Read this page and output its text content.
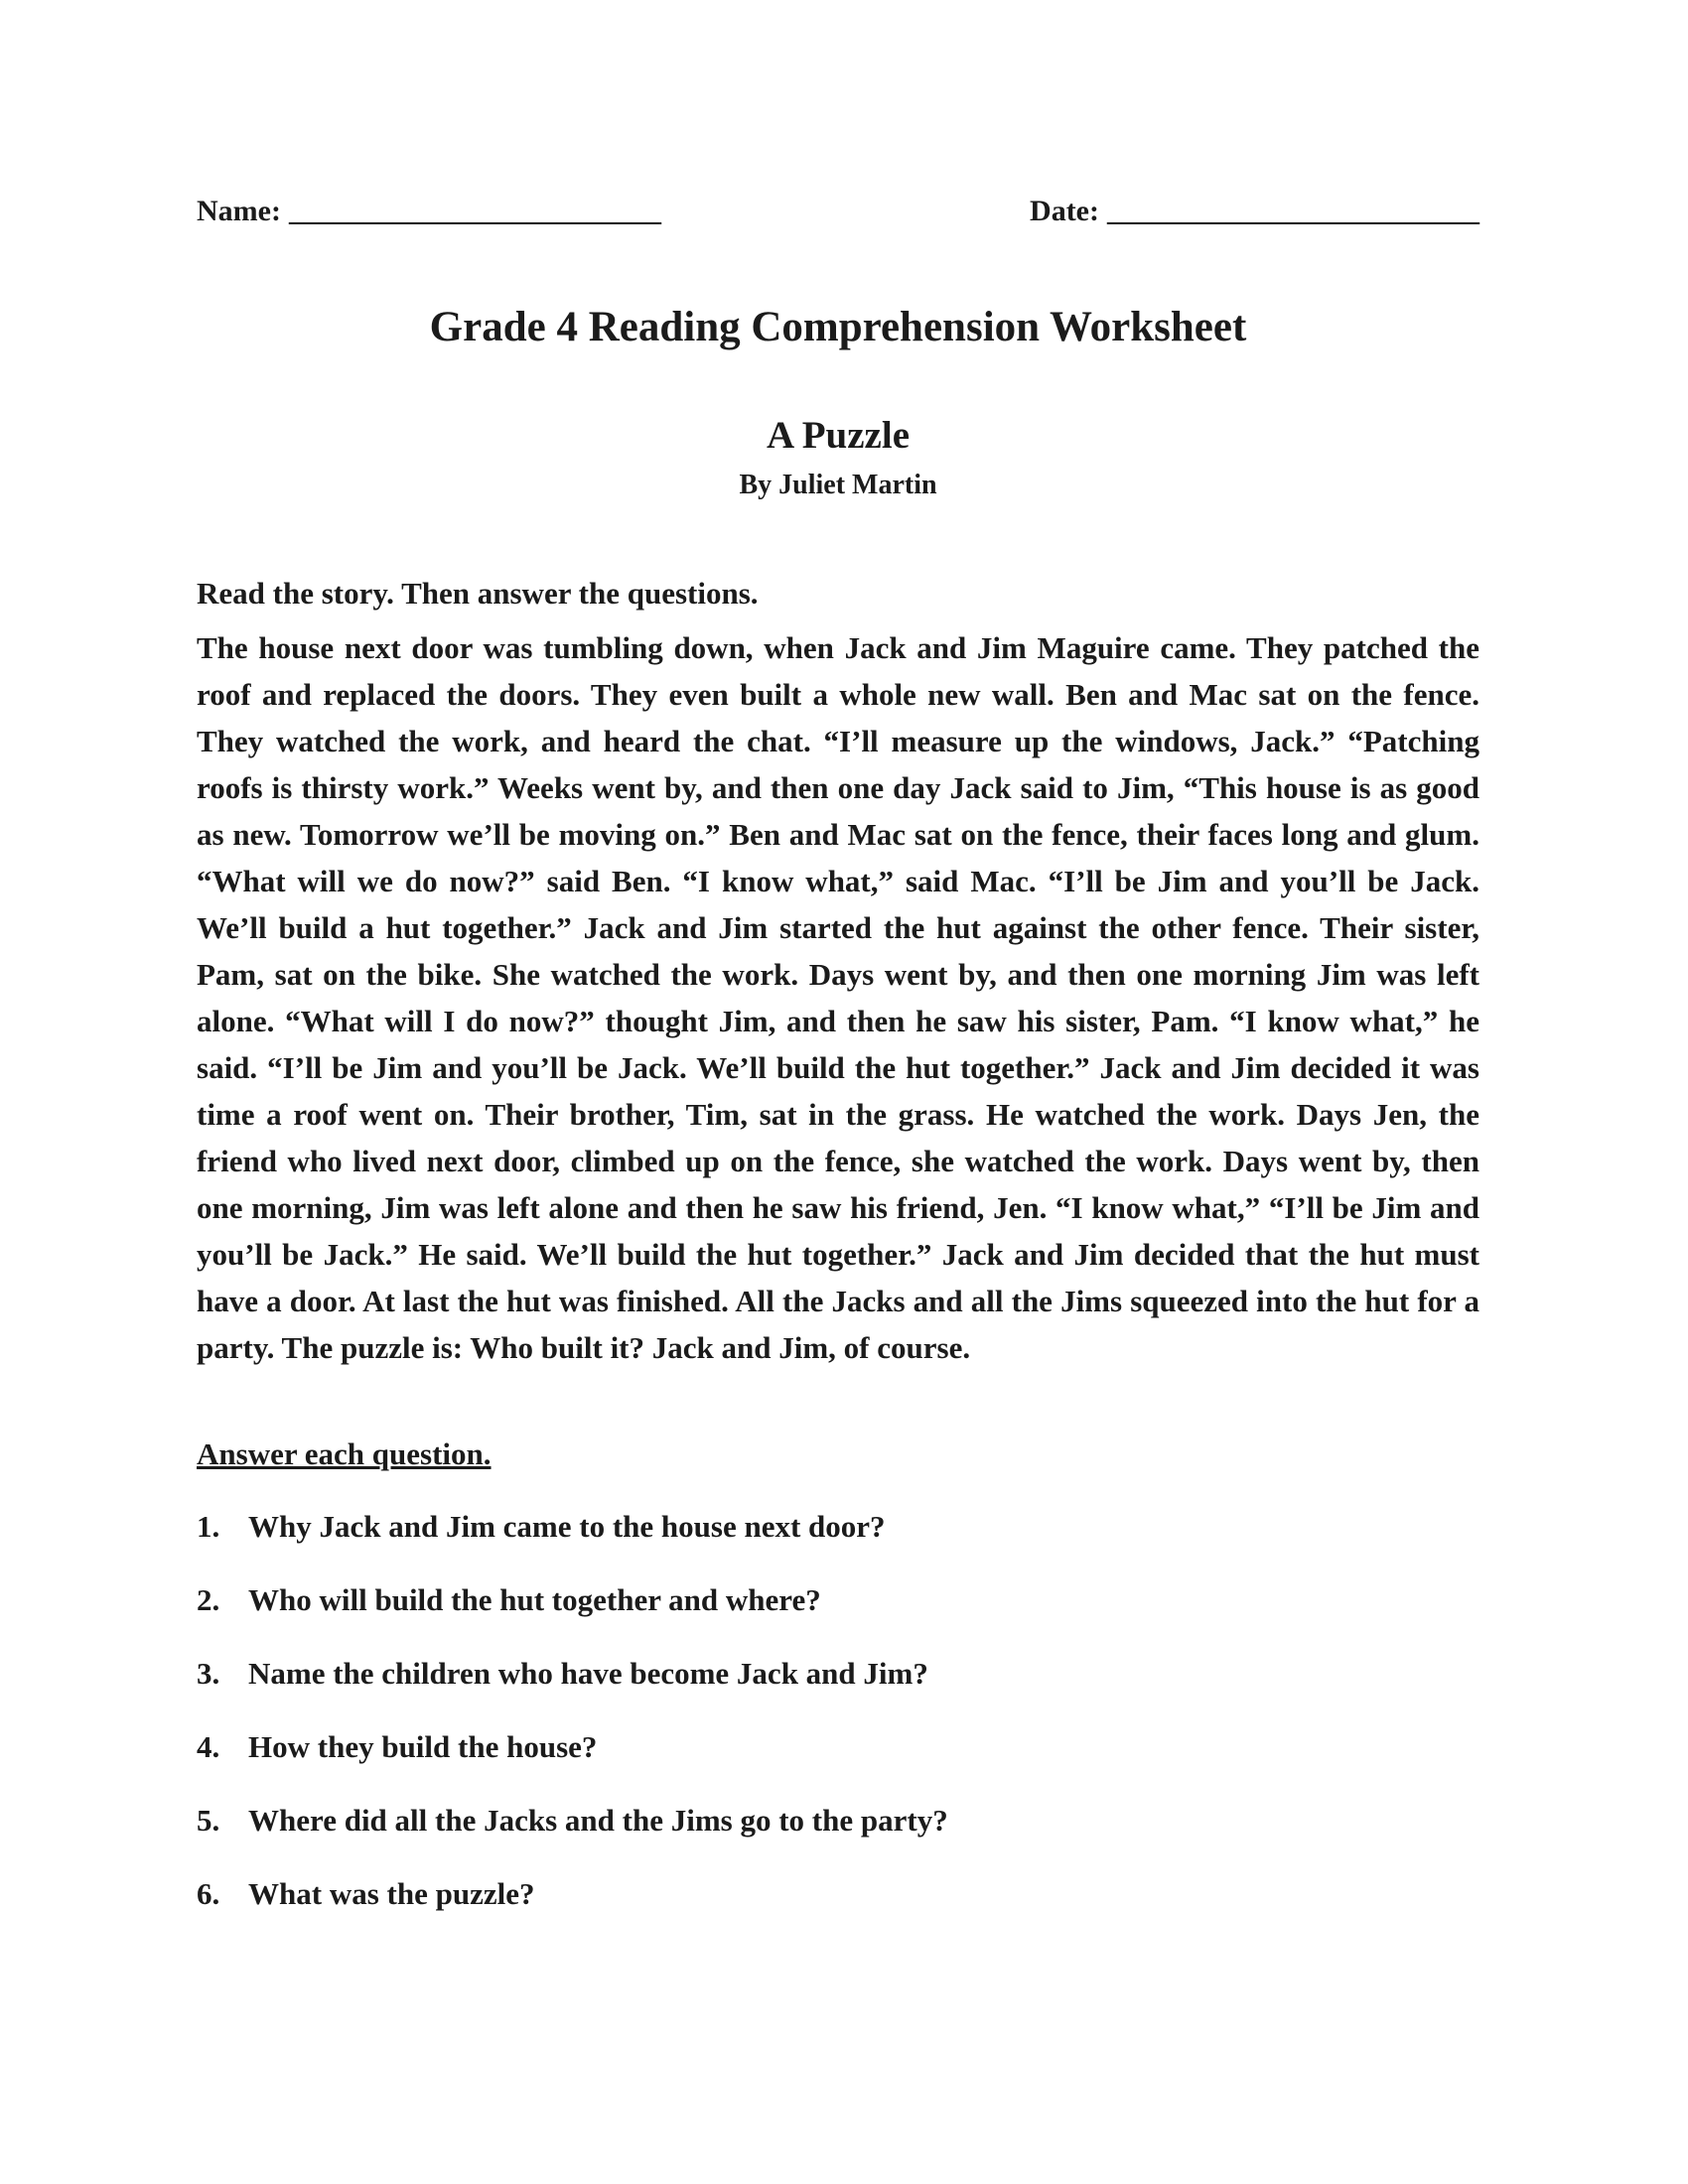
Name: _________________________	Date: _________________________
Grade 4 Reading Comprehension Worksheet
A Puzzle
By Juliet Martin

Read the story. Then answer the questions.

The house next door was tumbling down, when Jack and Jim Maguire came. They patched the roof and replaced the doors. They even built a whole new wall. Ben and Mac sat on the fence. They watched the work, and heard the chat. “I’ll measure up the windows, Jack.” “Patching roofs is thirsty work.” Weeks went by, and then one day Jack said to Jim, “This house is as good as new. Tomorrow we’ll be moving on.” Ben and Mac sat on the fence, their faces long and glum. “What will we do now?” said Ben. “I know what,” said Mac. “I’ll be Jim and you’ll be Jack. We’ll build a hut together.” Jack and Jim started the hut against the other fence. Their sister, Pam, sat on the bike. She watched the work. Days went by, and then one morning Jim was left alone. “What will I do now?” thought Jim, and then he saw his sister, Pam. “I know what,” he said. “I’ll be Jim and you’ll be Jack. We’ll build the hut together.” Jack and Jim decided it was time a roof went on. Their brother, Tim, sat in the grass. He watched the work. Days Jen, the friend who lived next door, climbed up on the fence, she watched the work. Days went by, then one morning, Jim was left alone and then he saw his friend, Jen. “I know what,” “I’ll be Jim and you’ll be Jack.” He said. We’ll build the hut together.” Jack and Jim decided that the hut must have a door. At last the hut was finished. All the Jacks and all the Jims squeezed into the hut for a party. The puzzle is: Who built it? Jack and Jim, of course.

Answer each question.

1. Why Jack and Jim came to the house next door?
2. Who will build the hut together and where?
3. Name the children who have become Jack and Jim?
4. How they build the house?
5. Where did all the Jacks and the Jims go to the party?
6. What was the puzzle?
